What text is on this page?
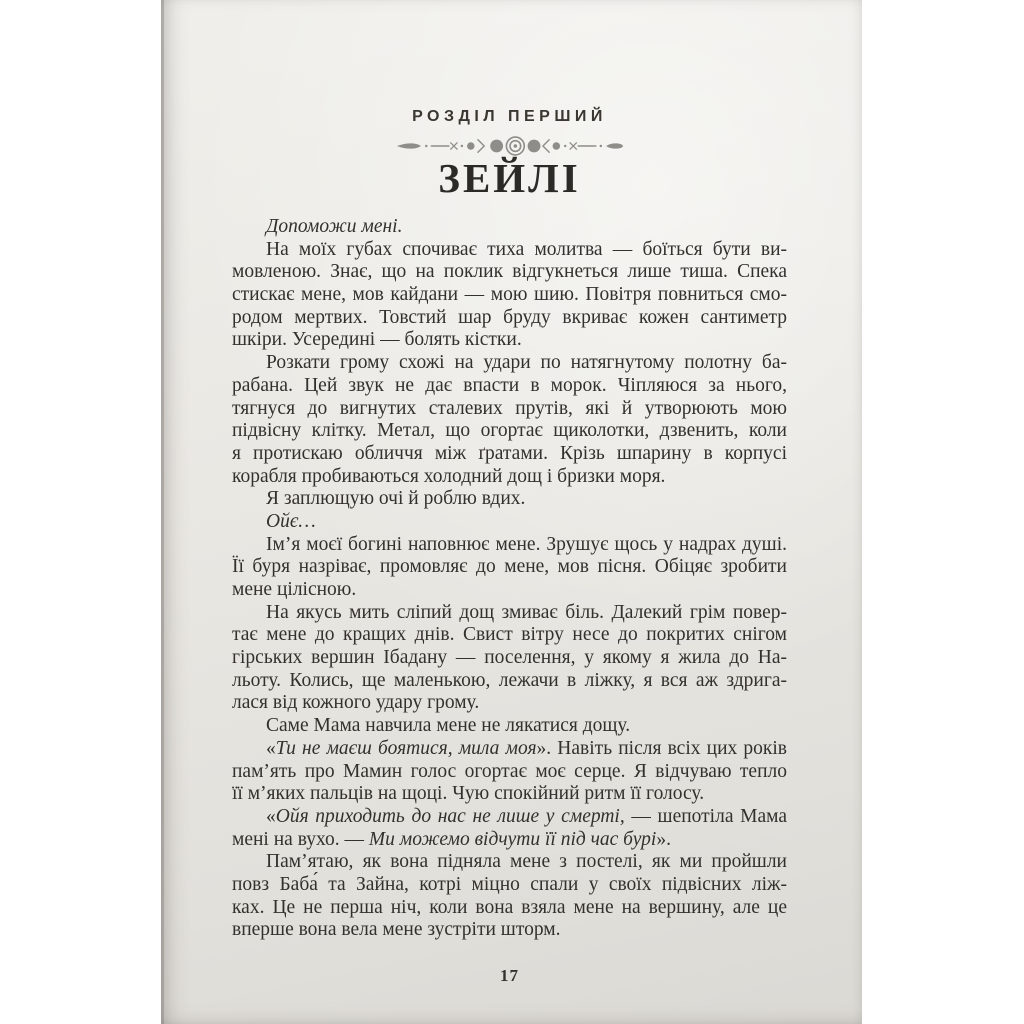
РОЗДІЛ ПЕРШИЙ
ЗЕЙЛІ
Допоможи мені.
На моїх губах спочиває тиха молитва — боїться бути ви-
мовленою. Знає, що на поклик відгукнеться лише тиша. Спека
стискає мене, мов кайдани — мою шию. Повітря повниться смо-
родом мертвих. Товстий шар бруду вкриває кожен сантиметр
шкіри. Усередині — болять кістки.
Розкати грому схожі на удари по натягнутому полотну ба-
рабана. Цей звук не дає впасти в морок. Чіпляюся за нього,
тягнуся до вигнутих сталевих прутів, які й утворюють мою
підвісну клітку. Метал, що огортає щиколотки, дзвенить, коли
я протискаю обличчя між ґратами. Крізь шпарину в корпусі
корабля пробиваються холодний дощ і бризки моря.
Я заплющую очі й роблю вдих.
Ойє…
Ім’я моєї богині наповнює мене. Зрушує щось у надрах душі.
Її буря назріває, промовляє до мене, мов пісня. Обіцяє зробити
мене цілісною.
На якусь мить сліпий дощ змиває біль. Далекий грім повер-
тає мене до кращих днів. Свист вітру несе до покритих снігом
гірських вершин Ібадану — поселення, у якому я жила до На-
льоту. Колись, ще маленькою, лежачи в ліжку, я вся аж здрига-
лася від кожного удару грому.
Саме Мама навчила мене не лякатися дощу.
«Ти не маєш боятися, мила моя». Навіть після всіх цих років
пам’ять про Мамин голос огортає моє серце. Я відчуваю тепло
її м’яких пальців на щоці. Чую спокійний ритм її голосу.
«Ойя приходить до нас не лише у смерті, — шепотіла Мама
мені на вухо. — Ми можемо відчути її під час бурі».
Пам’ятаю, як вона підняла мене з постелі, як ми пройшли
повз Баба́ та Зайна, котрі міцно спали у своїх підвісних ліж-
ках. Це не перша ніч, коли вона взяла мене на вершину, але це
вперше вона вела мене зустріти шторм.
17
